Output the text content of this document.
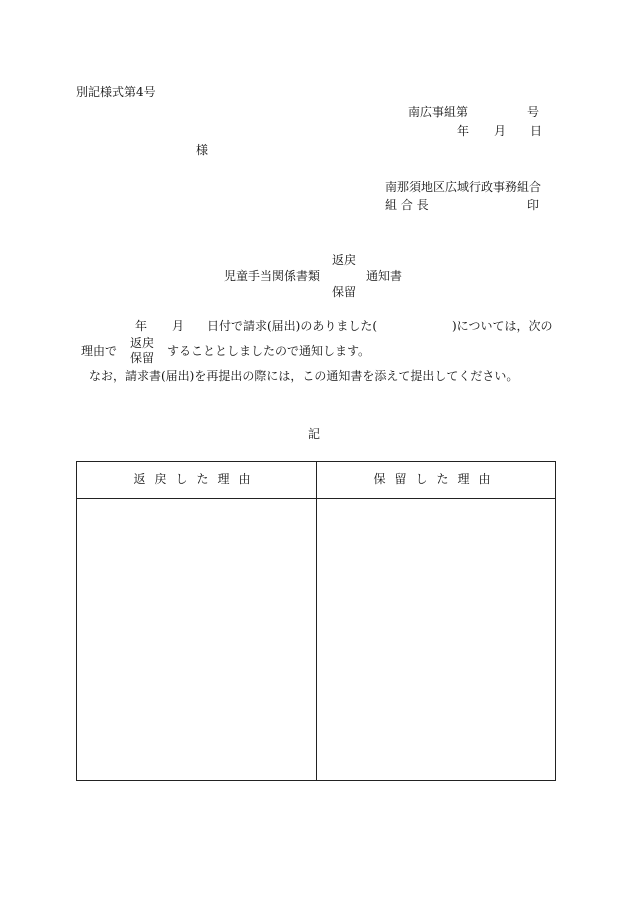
別記様式第4号
南広事組第	号
年 月 日
様
南那須地区広域行政事務組合
組 合 長	印
返戻
児童手当関係書類	通知書
保留
年 月 日付で請求(届出)のありました(	)については，次の
理由で
返戻
保留 することとしましたので通知します。
なお，請求書(届出)を再提出の際には，この通知書を添えて提出してください。
記
返戻した理由	保留した理由
